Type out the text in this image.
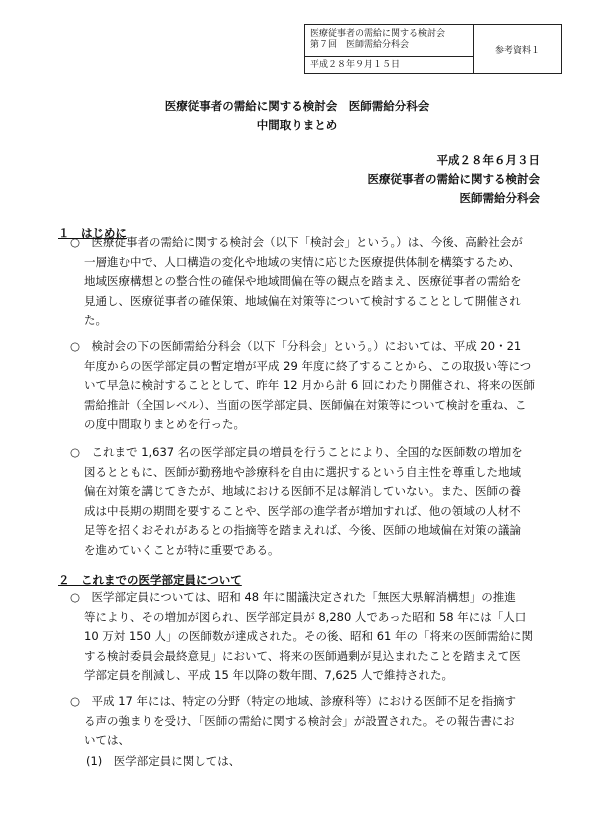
医療従事者の需給に関する検討会
第７回　医師需給分科会
平成２８年９月１５日
参考資料１
医療従事者の需給に関する検討会　医師需給分科会
中間取りまとめ
平成２８年６月３日
医療従事者の需給に関する検討会
医師需給分科会
１　はじめに
○　医療従事者の需給に関する検討会（以下「検討会」という。）は、今後、高齢社会が
一層進む中で、人口構造の変化や地域の実情に応じた医療提供体制を構築するため、
地域医療構想との整合性の確保や地域間偏在等の観点を踏まえ、医療従事者の需給を
見通し、医療従事者の確保策、地域偏在対策等について検討することとして開催され
た。
○　検討会の下の医師需給分科会（以下「分科会」という。）においては、平成 20・21
年度からの医学部定員の暫定増が平成 29 年度に終了することから、この取扱い等につ
いて早急に検討することとして、昨年 12 月から計 6 回にわたり開催され、将来の医師
需給推計（全国レベル）、当面の医学部定員、医師偏在対策等について検討を重ね、こ
の度中間取りまとめを行った。
○　これまで 1,637 名の医学部定員の増員を行うことにより、全国的な医師数の増加を
図るとともに、医師が勤務地や診療科を自由に選択するという自主性を尊重した地域
偏在対策を講じてきたが、地域における医師不足は解消していない。また、医師の養
成は中長期の期間を要することや、医学部の進学者が増加すれば、他の領域の人材不
足等を招くおそれがあるとの指摘等を踏まえれば、今後、医師の地域偏在対策の議論
を進めていくことが特に重要である。
２　これまでの医学部定員について
○　医学部定員については、昭和 48 年に閣議決定された「無医大県解消構想」の推進
等により、その増加が図られ、医学部定員が 8,280 人であった昭和 58 年には「人口
10 万対 150 人」の医師数が達成された。その後、昭和 61 年の「将来の医師需給に関
する検討委員会最終意見」において、将来の医師過剰が見込まれたことを踏まえて医
学部定員を削減し、平成 15 年以降の数年間、7,625 人で維持された。
○　平成 17 年には、特定の分野（特定の地域、診療科等）における医師不足を指摘す
る声の強まりを受け、「医師の需給に関する検討会」が設置された。その報告書にお
いては、
(1)　医学部定員に関しては、
